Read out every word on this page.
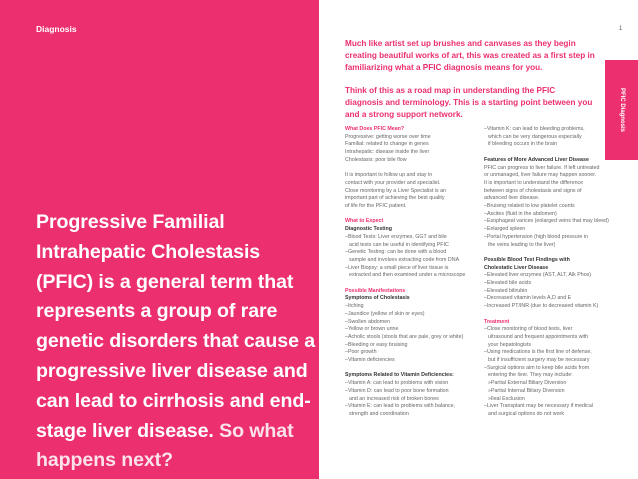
Diagnosis
Progressive Familial Intrahepatic Cholestasis (PFIC) is a general term that represents a group of rare genetic disorders that cause a progressive liver disease and can lead to cirrhosis and end-stage liver disease. So what happens next?
1
PFIC Diagnosis

Much like artist set up brushes and canvases as they begin creating beautiful works of art, this was created as a first step in familiarizing what a PFIC diagnosis means for you.

Think of this as a road map in understanding the PFIC diagnosis and terminology. This is a starting point between you and a strong support network.

What Does PFIC Mean?
Progressive: getting worse over time
Familial: related to change in genes
Intrahepatic: disease inside the liver
Cholestasis: poor bile flow
It is important to follow up and stay in
contact with your provider and specialist.
Close monitoring by a Liver Specialist is an
important part of achieving the best quality
of life for the PFIC patient.
What to Expect
Diagnostic Testing
– Blood Tests: Liver enzymes, GGT and bile
acid tests can be useful in identifying PFIC
– Genetic Testing: can be done with a blood
sample and involves extracting code from DNA
– Liver Biopsy: a small piece of liver tissue is
extracted and then examined under a microscope
Possible Manifestations
Symptoms of Cholestasis
– Itching
– Jaundice (yellow of skin or eyes)
– Swollen abdomen
– Yellow or brown urine
– Acholic stools (stools that are pale, grey or white)
– Bleeding or easy bruising
– Poor growth
– Vitamin deficiencies
Symptoms Related to Vitamin Deficiencies:
– Vitamin A: can lead to problems with vision
– Vitamin D: can lead to poor bone formation
and an increased risk of broken bones
– Vitamin E: can lead to problems with balance,
strength and coordination
– Vitamin K: can lead to bleeding problems,
which can be very dangerous especially
if bleeding occurs in the brain
Features of More Advanced Liver Disease
PFIC can progress to liver failure. If left untreated
or unmanaged, liver failure may happen sooner.
It is important to understand the difference
between signs of cholestasis and signs of
advanced liver disease.
– Bruising related to low platelet counts
– Ascites (fluid in the abdomen)
– Esophageal varices (enlarged veins that may bleed)
– Enlarged spleen
– Portal hypertension (high blood pressure in
the veins leading to the liver)
Possible Blood Test Findings with
Cholestatic Liver Disease
– Elevated liver enzymes (AST, ALT, Alk Phos)
– Elevated bile acids
– Elevated bilirubin
– Decreased vitamin levels A,D and E
– Increased PT/INR (due to decreased vitamin K)
Treatment
– Close monitoring of blood tests, liver
ultrasound and frequent appointments with
your hepatologists
– Using medications is the first line of defense,
but if insufficient surgery may be necessary
– Surgical options aim to keep bile acids from
entering the liver. They may include:
» Partial External Biliary Diversion
» Partial Internal Biliary Diversion
» Ileal Exclusion
– Liver Transplant may be necessary if medical
and surgical options do not work
